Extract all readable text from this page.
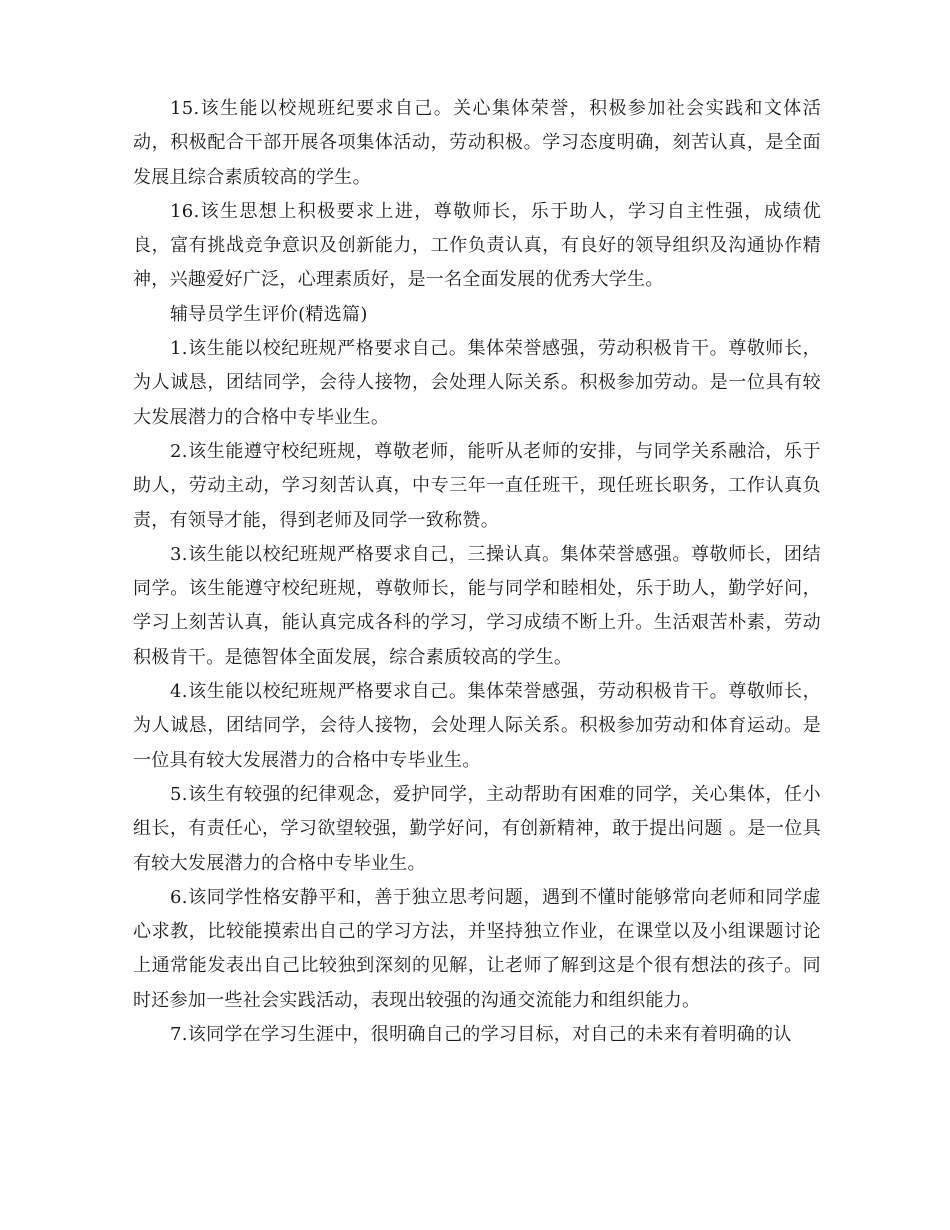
15.该生能以校规班纪要求自己。关心集体荣誉，积极参加社会实践和文体活动，积极配合干部开展各项集体活动，劳动积极。学习态度明确，刻苦认真，是全面发展且综合素质较高的学生。

16.该生思想上积极要求上进，尊敬师长，乐于助人，学习自主性强，成绩优良，富有挑战竞争意识及创新能力，工作负责认真，有良好的领导组织及沟通协作精神，兴趣爱好广泛，心理素质好，是一名全面发展的优秀大学生。

辅导员学生评价(精选篇)

1.该生能以校纪班规严格要求自己。集体荣誉感强，劳动积极肯干。尊敬师长，为人诚恳，团结同学，会待人接物，会处理人际关系。积极参加劳动。是一位具有较大发展潜力的合格中专毕业生。

2.该生能遵守校纪班规，尊敬老师，能听从老师的安排，与同学关系融洽，乐于助人，劳动主动，学习刻苦认真，中专三年一直任班干，现任班长职务，工作认真负责，有领导才能，得到老师及同学一致称赞。

3.该生能以校纪班规严格要求自己，三操认真。集体荣誉感强。尊敬师长，团结同学。该生能遵守校纪班规，尊敬师长，能与同学和睦相处，乐于助人，勤学好问，学习上刻苦认真，能认真完成各科的学习，学习成绩不断上升。生活艰苦朴素，劳动积极肯干。是德智体全面发展，综合素质较高的学生。

4.该生能以校纪班规严格要求自己。集体荣誉感强，劳动积极肯干。尊敬师长，为人诚恳，团结同学，会待人接物，会处理人际关系。积极参加劳动和体育运动。是一位具有较大发展潜力的合格中专毕业生。

5.该生有较强的纪律观念，爱护同学，主动帮助有困难的同学，关心集体，任小组长，有责任心，学习欲望较强，勤学好问，有创新精神，敢于提出问题 。是一位具有较大发展潜力的合格中专毕业生。

6.该同学性格安静平和，善于独立思考问题，遇到不懂时能够常向老师和同学虚心求教，比较能摸索出自己的学习方法，并坚持独立作业，在课堂以及小组课题讨论上通常能发表出自己比较独到深刻的见解，让老师了解到这是个很有想法的孩子。同时还参加一些社会实践活动，表现出较强的沟通交流能力和组织能力。

7.该同学在学习生涯中，很明确自己的学习目标，对自己的未来有着明确的认
